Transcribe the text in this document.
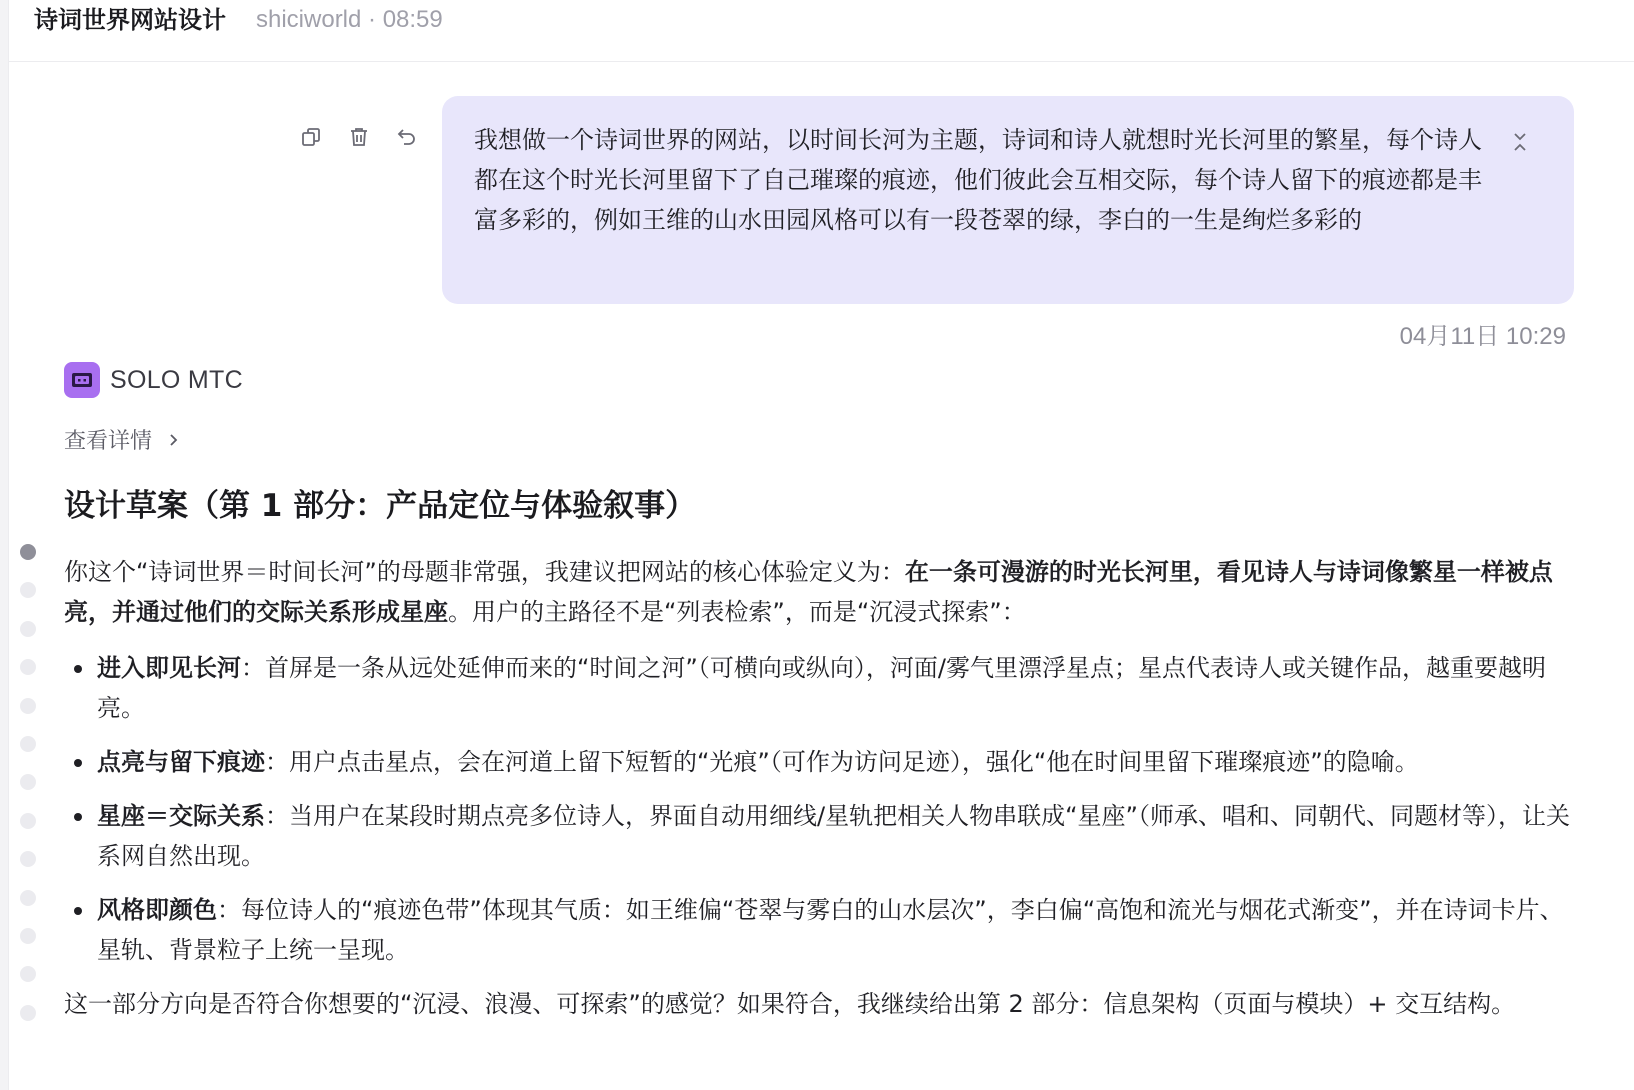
诗词世界网站设计 shiciworld · 08:59
我想做一个诗词世界的网站，以时间长河为主题，诗词和诗人就想时光长河里的繁星，每个诗人都在这个时光长河里留下了自己璀璨的痕迹，他们彼此会互相交际，每个诗人留下的痕迹都是丰富多彩的，例如王维的山水田园风格可以有一段苍翠的绿，李白的一生是绚烂多彩的
04月11日 10:29
SOLO MTC
查看详情
设计草案（第 1 部分：产品定位与体验叙事）

你这个“诗词世界＝时间长河”的母题非常强，我建议把网站的核心体验定义为：在一条可漫游的时光长河里，看见诗人与诗词像繁星一样被点亮，并通过他们的交际关系形成星座。用户的主路径不是“列表检索”，而是“沉浸式探索”：

进入即见长河：首屏是一条从远处延伸而来的“时间之河”（可横向或纵向），河面/雾气里漂浮星点；星点代表诗人或关键作品，越重要越明亮。
点亮与留下痕迹：用户点击星点，会在河道上留下短暂的“光痕”（可作为访问足迹），强化“他在时间里留下璀璨痕迹”的隐喻。
星座＝交际关系：当用户在某段时期点亮多位诗人，界面自动用细线/星轨把相关人物串联成“星座”（师承、唱和、同朝代、同题材等），让关系网自然出现。
风格即颜色：每位诗人的“痕迹色带”体现其气质：如王维偏“苍翠与雾白的山水层次”，李白偏“高饱和流光与烟花式渐变”，并在诗词卡片、星轨、背景粒子上统一呈现。

这一部分方向是否符合你想要的“沉浸、浪漫、可探索”的感觉？如果符合，我继续给出第 2 部分：信息架构（页面与模块）+ 交互结构。
